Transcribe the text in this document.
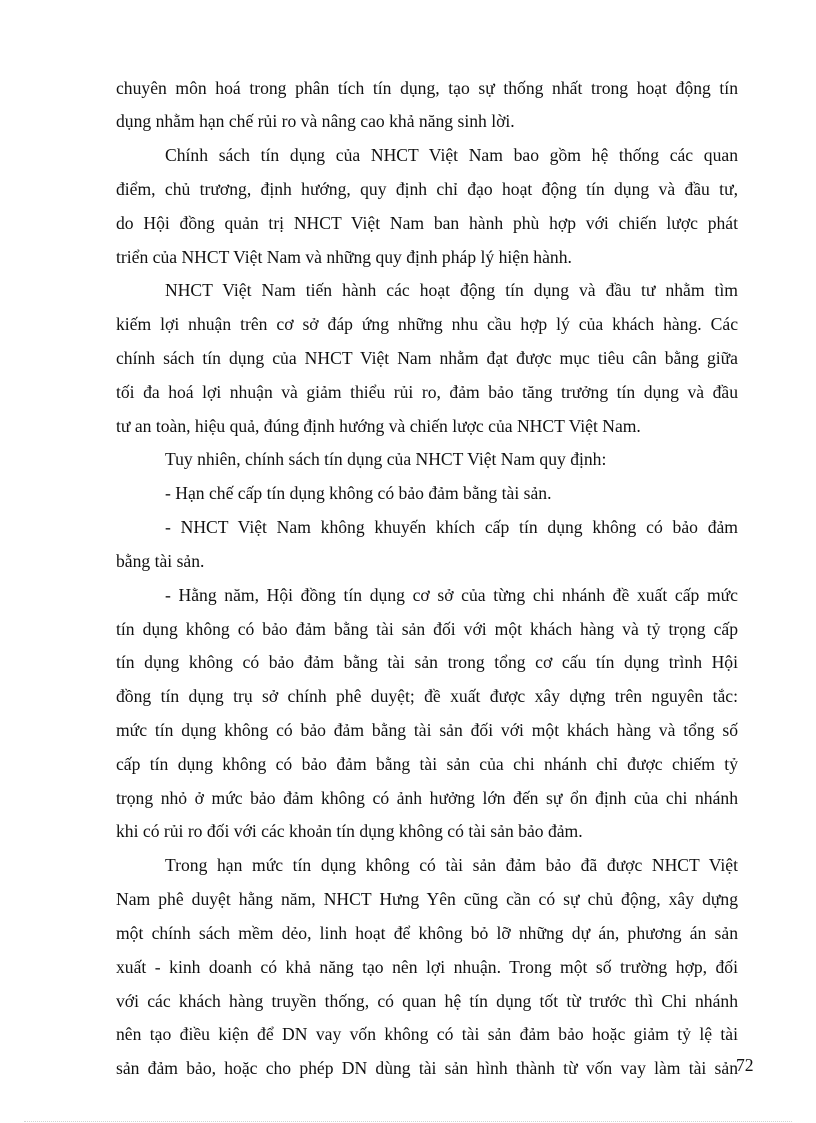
chuyên môn hoá trong phân tích tín dụng, tạo sự thống nhất trong hoạt động tín
dụng nhằm hạn chế rủi ro và nâng cao khả năng sinh lời.
Chính sách tín dụng của NHCT Việt Nam bao gồm hệ thống các quan
điểm, chủ trương, định hướng, quy định chỉ đạo hoạt động tín dụng và đầu tư,
do Hội đồng quản trị NHCT Việt Nam ban hành phù hợp với chiến lược phát
triển của NHCT Việt Nam và những quy định pháp lý hiện hành.
NHCT Việt Nam tiến hành các hoạt động tín dụng và đầu tư nhằm tìm
kiếm lợi nhuận trên cơ sở đáp ứng những nhu cầu hợp lý của khách hàng. Các
chính sách tín dụng của NHCT Việt Nam nhằm đạt được mục tiêu cân bằng giữa
tối đa hoá lợi nhuận và giảm thiểu rủi ro, đảm bảo tăng trưởng tín dụng và đầu
tư an toàn, hiệu quả, đúng định hướng và chiến lược của NHCT Việt Nam.
Tuy nhiên, chính sách tín dụng của NHCT Việt Nam quy định:
- Hạn chế cấp tín dụng không có bảo đảm bằng tài sản.
- NHCT Việt Nam không khuyến khích cấp tín dụng không có bảo đảm
bằng tài sản.
- Hằng năm, Hội đồng tín dụng cơ sở của từng chi nhánh đề xuất cấp mức
tín dụng không có bảo đảm bằng tài sản đối với một khách hàng và tỷ trọng cấp
tín dụng không có bảo đảm bằng tài sản trong tổng cơ cấu tín dụng trình Hội
đồng tín dụng trụ sở chính phê duyệt; đề xuất được xây dựng trên nguyên tắc:
mức tín dụng không có bảo đảm bằng tài sản đối với một khách hàng và tổng số
cấp tín dụng không có bảo đảm bằng tài sản của chi nhánh chỉ được chiếm tỷ
trọng nhỏ ở mức bảo đảm không có ảnh hưởng lớn đến sự ổn định của chi nhánh
khi có rủi ro đối với các khoản tín dụng không có tài sản bảo đảm.
Trong hạn mức tín dụng không có tài sản đảm bảo đã được NHCT Việt
Nam phê duyệt hằng năm, NHCT Hưng Yên cũng cần có sự chủ động, xây dựng
một chính sách mềm dẻo, linh hoạt để không bỏ lỡ những dự án, phương án sản
xuất - kinh doanh có khả năng tạo nên lợi nhuận. Trong một số trường hợp, đối
với các khách hàng truyền thống, có quan hệ tín dụng tốt từ trước thì Chi nhánh
nên tạo điều kiện để DN vay vốn không có tài sản đảm bảo hoặc giảm tỷ lệ tài
sản đảm bảo, hoặc cho phép DN dùng tài sản hình thành từ vốn vay làm tài sản
72
